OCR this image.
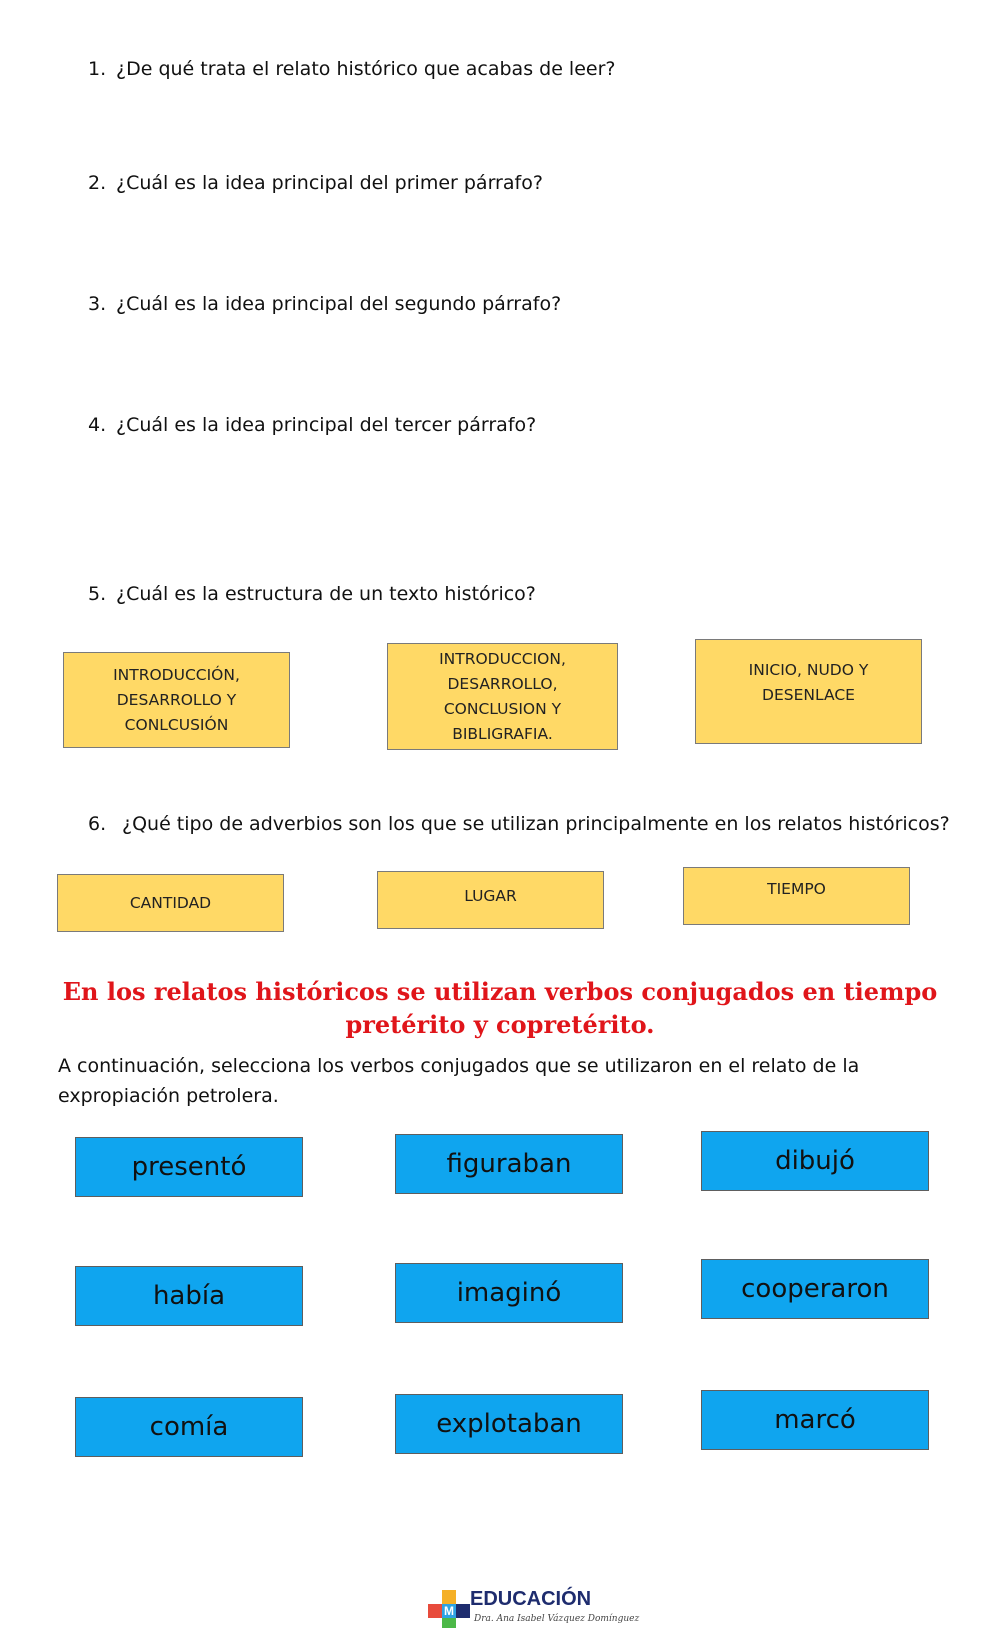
1. ¿De qué trata el relato histórico que acabas de leer?
2. ¿Cuál es la idea principal del primer párrafo?
3. ¿Cuál es la idea principal del segundo párrafo?
4. ¿Cuál es la idea principal del tercer párrafo?
5. ¿Cuál es la estructura de un texto histórico?
INTRODUCCIÓN,
DESARROLLO Y
CONLCUSIÓN
INTRODUCCION,
DESARROLLO,
CONCLUSION Y
BIBLIGRAFIA.
INICIO, NUDO Y
DESENLACE
6. ¿Qué tipo de adverbios son los que se utilizan principalmente en los relatos históricos?
CANTIDAD	LUGAR	TIEMPO
En los relatos históricos se utilizan verbos conjugados en tiempo
pretérito y copretérito.
A continuación, selecciona los verbos conjugados que se utilizaron en el relato de la expropiación petrolera.
presentó	figuraban	dibujó
había	imaginó	cooperaron
comía	explotaban	marcó
M
EDUCACIÓN
Dra. Ana Isabel Vázquez Domínguez
